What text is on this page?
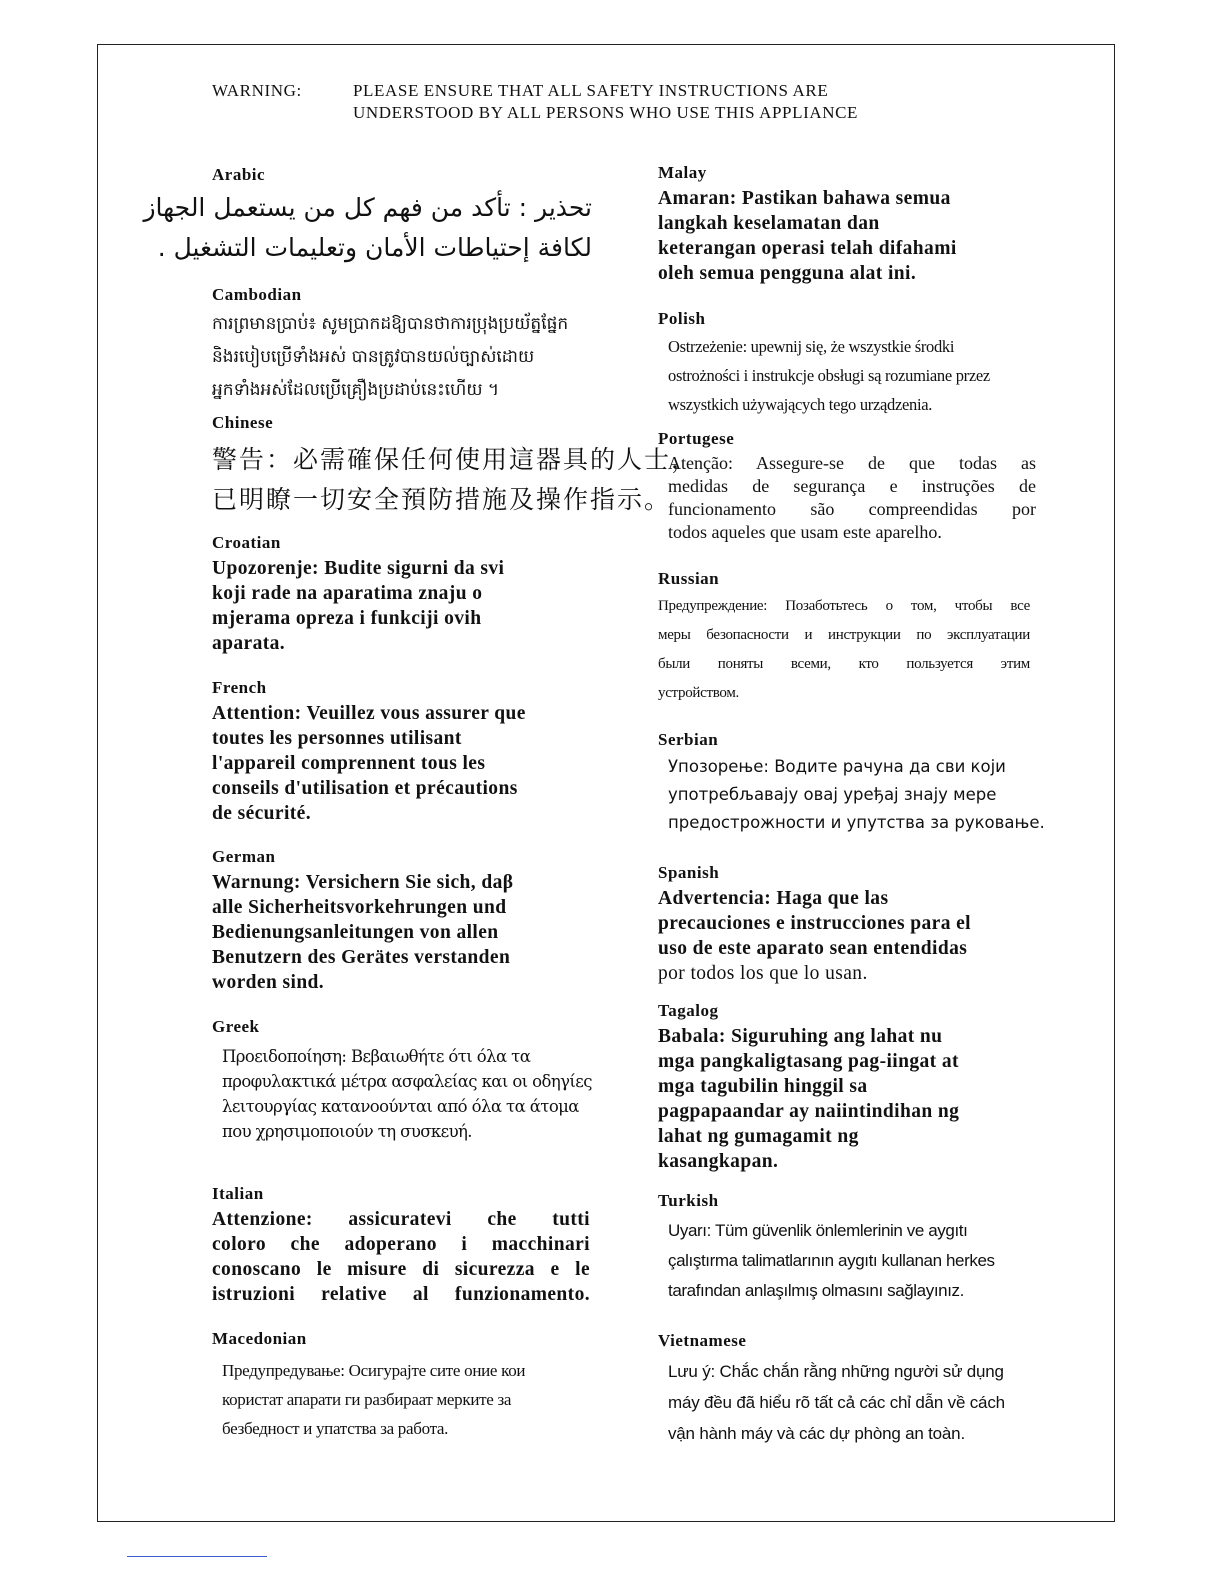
WARNING:	PLEASE ENSURE THAT ALL SAFETY INSTRUCTIONS ARE
UNDERSTOOD BY ALL PERSONS WHO USE THIS APPLIANCE
Arabic
تحذير : تأكد من فهم كل من يستعمل الجهاز
لكافة إحتياطات الأمان وتعليمات التشغيل .
Cambodian
ការព្រមានប្រាប់៖ សូមប្រាកដឱ្យបានថាការប្រុងប្រយ័ត្នផ្នែក
និងរបៀបប្រើទាំងអស់ បានត្រូវបានយល់ច្បាស់ដោយ
អ្នកទាំងអស់ដែលប្រើគ្រឿងប្រដាប់នេះហើយ ។
Chinese
警告：必需確保任何使用這器具的人士，
已明瞭一切安全預防措施及操作指示。
Croatian
Upozorenje: Budite sigurni da svi
koji rade na aparatima znaju o
mjerama opreza i funkciji ovih
aparata.
French
Attention: Veuillez vous assurer que
toutes les personnes utilisant
l'appareil comprennent tous les
conseils d'utilisation et précautions
de sécurité.
German
Warnung: Versichern Sie sich, daβ
alle Sicherheitsvorkehrungen und
Bedienungsanleitungen von allen
Benutzern des Gerätes verstanden
worden sind.
Greek
Προειδοποίηση: Βεβαιωθήτε ότι όλα τα
προφυλακτικά μέτρα ασφαλείας και οι οδηγίες
λειτουργίας κατανοούνται από όλα τα άτομα
που χρησιμοποιούν τη συσκευή.
Italian
Attenzione: assicuratevi che tutti
coloro che adoperano i macchinari
conoscano le misure di sicurezza e le
istruzioni relative al funzionamento.
Macedonian
Предупредување: Осигурајте сите оние кои
користат апарати ги разбираат мерките за
безбедност и упатства за работа.
Malay
Amaran: Pastikan bahawa semua
langkah keselamatan dan
keterangan operasi telah difahami
oleh semua pengguna alat ini.
Polish
Ostrzeżenie: upewnij się, że wszystkie środki
ostrożności i instrukcje obsługi są rozumiane przez
wszystkich używających tego urządzenia.
Portugese
Atenção: Assegure-se de que todas as
medidas de segurança e instruções de
funcionamento são compreendidas por
todos aqueles que usam este aparelho.
Russian
Предупреждение: Позаботьтесь о том, чтобы все
меры безопасности и инструкции по эксплуатации
были поняты всеми, кто пользуется этим
устройством.
Serbian
Упозорење: Водите рачуна да сви који
употребљавају овај уређај знају мере
предострожности и упутства за руковање.
Spanish
Advertencia: Haga que las
precauciones e instrucciones para el
uso de este aparato sean entendidas
por todos los que lo usan.
Tagalog
Babala: Siguruhing ang lahat nu
mga pangkaligtasang pag-iingat at
mga tagubilin hinggil sa
pagpapaandar ay naiintindihan ng
lahat ng gumagamit ng
kasangkapan.
Turkish
Uyarı: Tüm güvenlik önlemlerinin ve aygıtı
çalıştırma talimatlarının aygıtı kullanan herkes
tarafından anlaşılmış olmasını sağlayınız.
Vietnamese
Lưu ý: Chắc chắn rằng những người sử dụng
máy đều đã hiểu rõ tất cả các chỉ dẫn về cách
vận hành máy và các dự phòng an toàn.
